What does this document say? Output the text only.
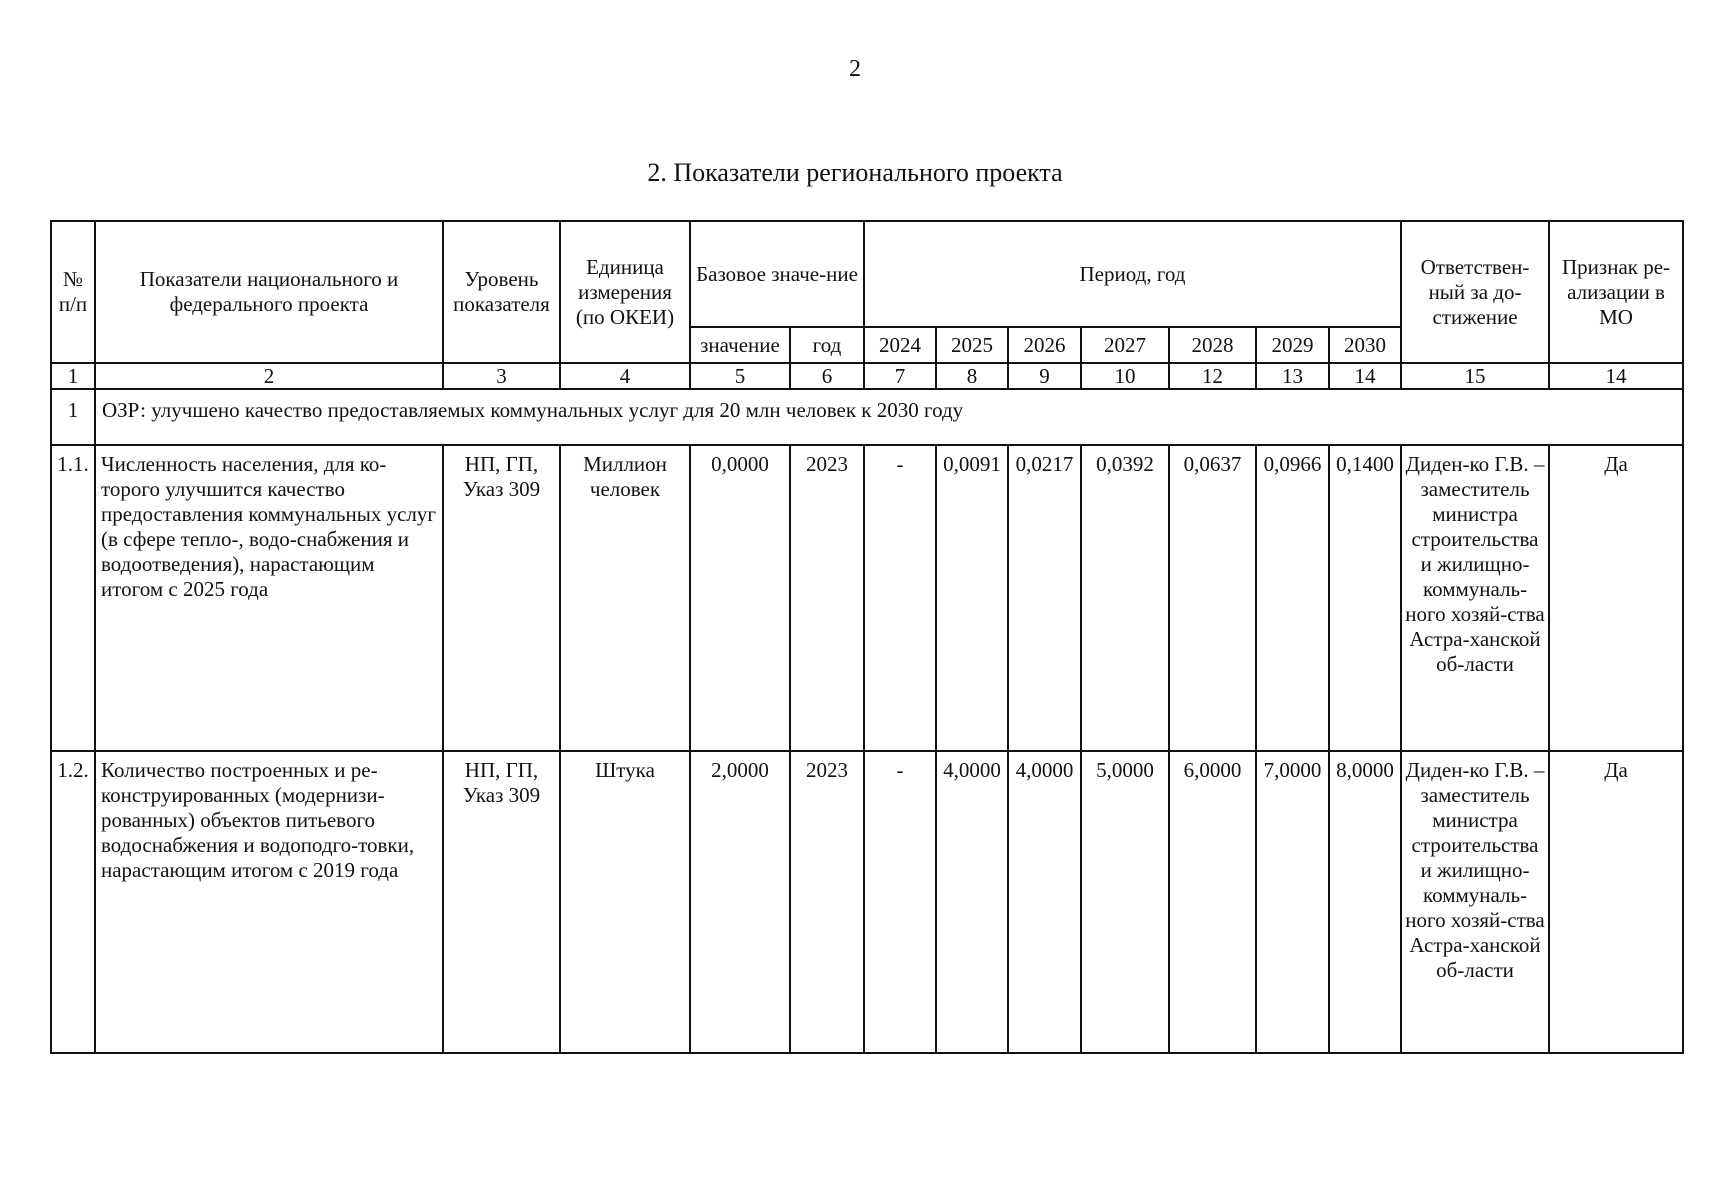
2
2. Показатели регионального проекта
№ п/п	Показатели национального и федерального проекта	Уровень показателя	Единица измерения (по ОКЕИ)	Базовое значе-ние		Период, год							Ответствен-ный за до-стижение	Признак ре-ализации в МО
				значение	год	2024	2025	2026	2027	2028	2029	2030		
1	2	3	4	5	6	7	8	9	10	12	13	14	15	14
1	ОЗР: улучшено качество предоставляемых коммунальных услуг для 20 млн человек к 2030 году													
1.1.	Численность населения, для ко-торого улучшится качество предоставления коммунальных услуг (в сфере тепло-, водо-снабжения и водоотведения), нарастающим итогом с 2025 года	НП, ГП, Указ 309	Миллион человек	0,0000	2023	-	0,0091	0,0217	0,0392	0,0637	0,0966	0,1400	Диден-ко Г.В. – заместитель министра строительства и жилищно-коммуналь-ного хозяй-ства Астра-ханской об-ласти	Да
1.2.	Количество построенных и ре-конструированных (модернизи-рованных) объектов питьевого водоснабжения и водоподго-товки, нарастающим итогом с 2019 года	НП, ГП, Указ 309	Штука	2,0000	2023	-	4,0000	4,0000	5,0000	6,0000	7,0000	8,0000	Диден-ко Г.В. – заместитель министра строительства и жилищно-коммуналь-ного хозяй-ства Астра-ханской об-ласти	Да
